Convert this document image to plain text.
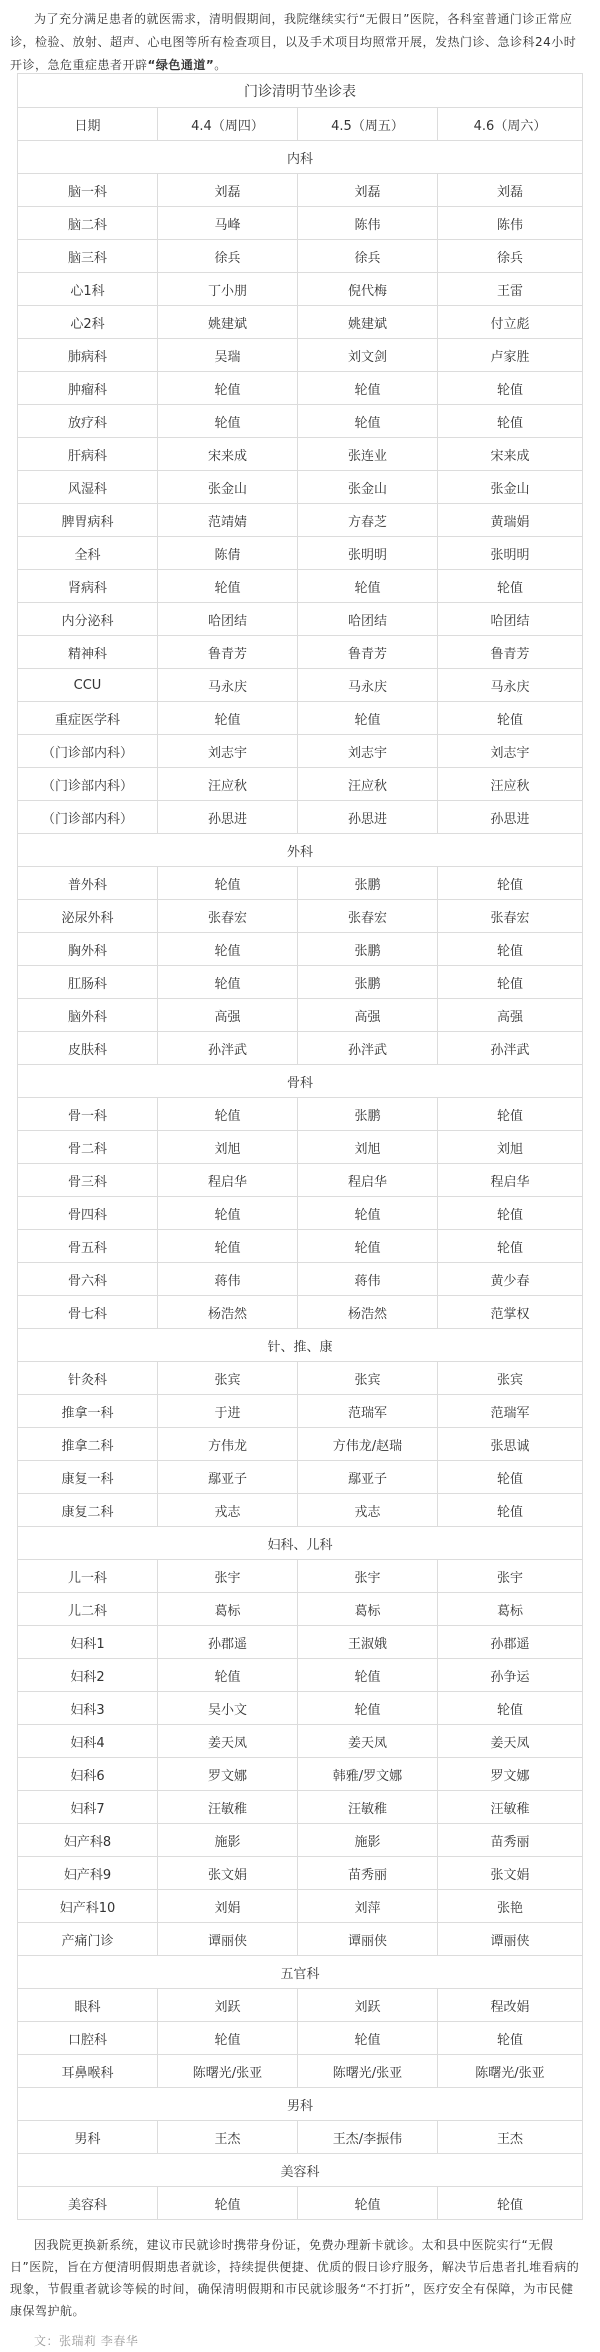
为了充分满足患者的就医需求，清明假期间，我院继续实行“无假日”医院，各科室普通门诊正常应诊，检验、放射、超声、心电图等所有检查项目，以及手术项目均照常开展，发热门诊、急诊科24小时开诊，急危重症患者开辟“绿色通道”。
门诊清明节坐诊表			
日期	4.4（周四）	4.5（周五）	4.6（周六）
内科			
脑一科	刘磊	刘磊	刘磊
脑二科	马峰	陈伟	陈伟
脑三科	徐兵	徐兵	徐兵
心1科	丁小朋	倪代梅	王雷
心2科	姚建斌	姚建斌	付立彪
肺病科	吴瑞	刘文剑	卢家胜
肿瘤科	轮值	轮值	轮值
放疗科	轮值	轮值	轮值
肝病科	宋来成	张连业	宋来成
风湿科	张金山	张金山	张金山
脾胃病科	范靖婧	方春芝	黄瑞娟
全科	陈倩	张明明	张明明
肾病科	轮值	轮值	轮值
内分泌科	哈团结	哈团结	哈团结
精神科	鲁青芳	鲁青芳	鲁青芳
CCU	马永庆	马永庆	马永庆
重症医学科	轮值	轮值	轮值
（门诊部内科）	刘志宇	刘志宇	刘志宇
（门诊部内科）	汪应秋	汪应秋	汪应秋
（门诊部内科）	孙思进	孙思进	孙思进
外科			
普外科	轮值	张鹏	轮值
泌尿外科	张春宏	张春宏	张春宏
胸外科	轮值	张鹏	轮值
肛肠科	轮值	张鹏	轮值
脑外科	高强	高强	高强
皮肤科	孙泮武	孙泮武	孙泮武
骨科			
骨一科	轮值	张鹏	轮值
骨二科	刘旭	刘旭	刘旭
骨三科	程启华	程启华	程启华
骨四科	轮值	轮值	轮值
骨五科	轮值	轮值	轮值
骨六科	蒋伟	蒋伟	黄少春
骨七科	杨浩然	杨浩然	范掌权
针、推、康			
针灸科	张宾	张宾	张宾
推拿一科	于进	范瑞军	范瑞军
推拿二科	方伟龙	方伟龙/赵瑞	张思诚
康复一科	鄢亚子	鄢亚子	轮值
康复二科	戎志	戎志	轮值
妇科、儿科			
儿一科	张宇	张宇	张宇
儿二科	葛标	葛标	葛标
妇科1	孙郡遥	王淑娥	孙郡遥
妇科2	轮值	轮值	孙争运
妇科3	吴小文	轮值	轮值
妇科4	姜天凤	姜天凤	姜天凤
妇科6	罗文娜	韩雅/罗文娜	罗文娜
妇科7	汪敏稚	汪敏稚	汪敏稚
妇产科8	施影	施影	苗秀丽
妇产科9	张文娟	苗秀丽	张文娟
妇产科10	刘娟	刘萍	张艳
产痛门诊	谭丽侠	谭丽侠	谭丽侠
五官科			
眼科	刘跃	刘跃	程改娟
口腔科	轮值	轮值	轮值
耳鼻喉科	陈曙光/张亚	陈曙光/张亚	陈曙光/张亚
男科			
男科	王杰	王杰/李振伟	王杰
美容科			
美容科	轮值	轮值	轮值
因我院更换新系统，建议市民就诊时携带身份证，免费办理新卡就诊。太和县中医院实行“无假日”医院，旨在方便清明假期患者就诊，持续提供便捷、优质的假日诊疗服务，解决节后患者扎堆看病的现象，节假重者就诊等候的时间，确保清明假期和市民就诊服务“不打折”，医疗安全有保障，为市民健康保驾护航。
文：张瑞莉 李春华
